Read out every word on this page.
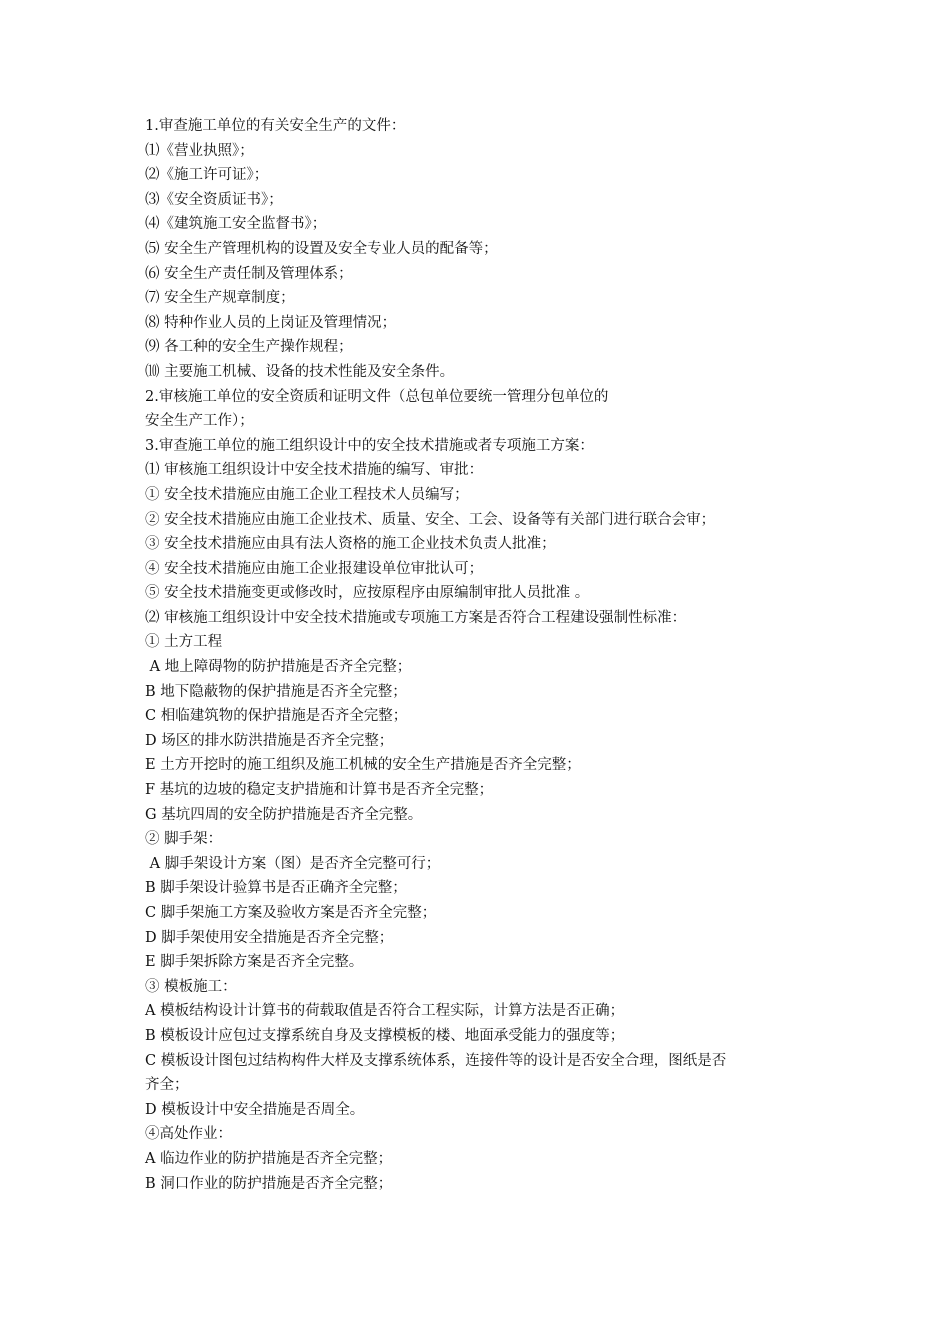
1.审查施工单位的有关安全生产的文件：
⑴《营业执照》；
⑵《施工许可证》；
⑶《安全资质证书》；
⑷《建筑施工安全监督书》；
⑸ 安全生产管理机构的设置及安全专业人员的配备等；
⑹ 安全生产责任制及管理体系；
⑺ 安全生产规章制度；
⑻ 特种作业人员的上岗证及管理情况；
⑼ 各工种的安全生产操作规程；
⑽ 主要施工机械、设备的技术性能及安全条件。
2.审核施工单位的安全资质和证明文件（总包单位要统一管理分包单位的
安全生产工作）；
3.审查施工单位的施工组织设计中的安全技术措施或者专项施工方案：
⑴ 审核施工组织设计中安全技术措施的编写、审批：
① 安全技术措施应由施工企业工程技术人员编写；
② 安全技术措施应由施工企业技术、质量、安全、工会、设备等有关部门进行联合会审；
③ 安全技术措施应由具有法人资格的施工企业技术负责人批准；
④ 安全技术措施应由施工企业报建设单位审批认可；
⑤ 安全技术措施变更或修改时，应按原程序由原编制审批人员批准 。
⑵ 审核施工组织设计中安全技术措施或专项施工方案是否符合工程建设强制性标准：
① 土方工程
A 地上障碍物的防护措施是否齐全完整；
B 地下隐蔽物的保护措施是否齐全完整；
C 相临建筑物的保护措施是否齐全完整；
D 场区的排水防洪措施是否齐全完整；
E 土方开挖时的施工组织及施工机械的安全生产措施是否齐全完整；
F 基坑的边坡的稳定支护措施和计算书是否齐全完整；
G 基坑四周的安全防护措施是否齐全完整。
② 脚手架：
A 脚手架设计方案（图）是否齐全完整可行；
B 脚手架设计验算书是否正确齐全完整；
C 脚手架施工方案及验收方案是否齐全完整；
D 脚手架使用安全措施是否齐全完整；
E 脚手架拆除方案是否齐全完整。
③ 模板施工：
A 模板结构设计计算书的荷载取值是否符合工程实际，计算方法是否正确；
B 模板设计应包过支撑系统自身及支撑模板的楼、地面承受能力的强度等；
C 模板设计图包过结构构件大样及支撑系统体系，连接件等的设计是否安全合理，图纸是否
齐全；
D 模板设计中安全措施是否周全。
④高处作业：
A 临边作业的防护措施是否齐全完整；
B 洞口作业的防护措施是否齐全完整；
